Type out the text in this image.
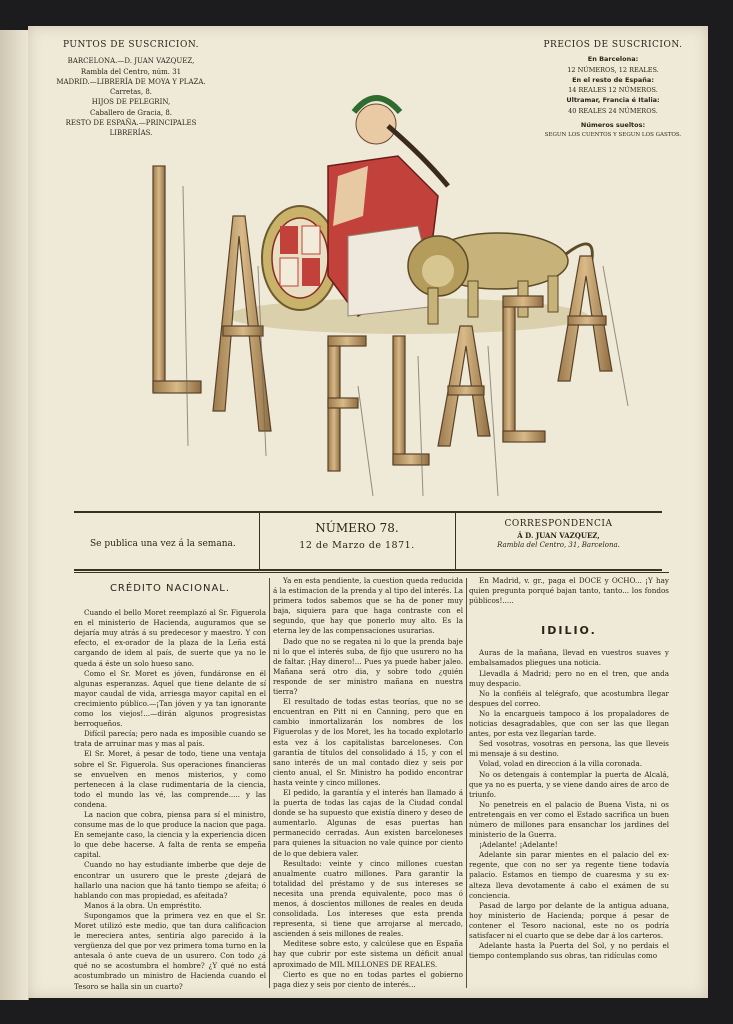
PUNTOS DE SUSCRICION.
BARCELONA.—D. JUAN VAZQUEZ,
Rambla del Centro, núm. 31
MADRID.—LIBRERÍA DE MOYA Y PLAZA.
Carretas, 8.
HIJOS DE PELEGRIN,
Caballero de Gracia, 8.
RESTO DE ESPAÑA.—PRINCIPALES
LIBRERÍAS.
PRECIOS DE SUSCRICION.
En Barcelona:
12 NÚMEROS, 12 REALES.
En el resto de España:
14 REALES 12 NÚMEROS.
Ultramar, Francia é Italia:
40 REALES 24 NÚMEROS.
Números sueltos:
SEGUN LOS CUENTOS Y SEGUN LOS GASTOS.
LA FLACA
Se publica una vez á la semana.
NÚMERO 78.
12 de Marzo de 1871.
CORRESPONDENCIA
Á D. JUAN VAZQUEZ,
Rambla del Centro, 31, Barcelona.
CRÉDITO NACIONAL.

Cuando el bello Moret reemplazó al Sr. Figuerola en el ministerio de Hacienda, auguramos que se dejaría muy atrás á su predecesor y maestro. Y con efecto, el ex-orador de la plaza de la Leña está cargando de idem al país, de suerte que ya no le queda á éste un solo hueso sano.

Como el Sr. Moret es jóven, fundáronse en él algunas esperanzas. Aquel que tiene delante de sí mayor caudal de vida, arriesga mayor capital en el crecimiento público.—¡Tan jóven y ya tan ignorante como los viejos!...—dirán algunos progresistas berroqueños.

Difícil parecía; pero nada es imposible cuando se trata de arruinar mas y mas al país.

El Sr. Moret, á pesar de todo, tiene una ventaja sobre el Sr. Figuerola. Sus operaciones financieras se envuelven en menos misterios, y como pertenecen á la clase rudimentaria de la ciencia, todo el mundo las vé, las comprende..... y las condena.

La nacion que cobra, piensa para sí el ministro, consume mas de lo que produce la nacion que paga. En semejante caso, la ciencia y la experiencia dicen lo que debe hacerse. A falta de renta se empeña capital.

Cuando no hay estudiante imberbe que deje de encontrar un usurero que le preste ¿dejará de hallarlo una nacion que há tanto tiempo se afeita; ó hablando con mas propiedad, es afeitada?

Manos á la obra. Un empréstito.

Supongamos que la primera vez en que el Sr. Moret utilizó este medio, que tan dura calificacion le mereciera antes, sentiría algo parecido á la vergüenza del que por vez primera toma turno en la antesala ó ante cueva de un usurero. Con todo ¿á qué no se acostumbra el hombre? ¿Y qué no está acostumbrado un ministro de Hacienda cuando el Tesoro se halla sin un cuarto?

Ya en esta pendiente, la cuestion queda reducida á la estimacion de la prenda y al tipo del interés. La primera todos sabemos que se ha de poner muy baja, siquiera para que haga contraste con el segundo, que hay que ponerlo muy alto. Es la eterna ley de las compensaciones usurarias.

Dado que no se regatea ni lo que la prenda baje ni lo que el interés suba, de fijo que usurero no ha de faltar. ¡Hay dinero!... Pues ya puede haber jaleo. Mañana será otro dia, y sobre todo ¿quién responde de ser ministro mañana en nuestra tierra?

El resultado de todas estas teorías, que no se encuentran en Pitt ni en Canning, pero que en cambio inmortalizarán los nombres de los Figuerolas y de los Moret, les ha tocado explotarlo esta vez á los capitalistas barceloneses. Con garantía de títulos del consolidado á 15, y con el sano interés de un mal contado diez y seis por ciento anual, el Sr. Ministro ha podido encontrar hasta veinte y cinco millones.

El pedido, la garantía y el interés han llamado á la puerta de todas las cajas de la Ciudad condal donde se ha supuesto que existía dinero y deseo de aumentarlo. Algunas de esas puertas han permanecido cerradas. Aun existen barceloneses para quienes la situacion no vale quince por ciento de lo que debiera valer.

Resultado: veinte y cinco millones cuestan anualmente cuatro millones. Para garantir la totalidad del préstamo y de sus intereses se necesita una prenda equivalente, poco mas ó menos, á doscientos millones de reales en deuda consolidada. Los intereses que esta prenda representa, si tiene que arrojarse al mercado, ascienden á seis millones de reales.

Meditese sobre esto, y calcúlese que en España hay que cubrir por este sistema un déficit anual aproximado de MIL MILLONES DE REALES.

Cierto es que no en todas partes el gobierno paga diez y seis por ciento de interés...

En Madrid, v. gr., paga el DOCE y OCHO... ¡Y hay quien pregunta porqué bajan tanto, tanto... los fondos públicos!.....

IDILIO.

Auras de la mañana, llevad en vuestros suaves y embalsamados pliegues una noticia.

Llevadla á Madrid; pero no en el tren, que anda muy despacio.

No la confiéis al telégrafo, que acostumbra llegar despues del correo.

No la encargueis tampoco á los propaladores de noticias desagradables, que con ser las que llegan antes, por esta vez llegarían tarde.

Sed vosotras, vosotras en persona, las que lleveis mi mensaje á su destino.

Volad, volad en direccion á la villa coronada.

No os detengais á contemplar la puerta de Alcalá, que ya no es puerta, y se viene dando aires de arco de triunfo.

No penetreis en el palacio de Buena Vista, ni os entretengais en ver como el Estado sacrifica un buen número de millones para ensanchar los jardines del ministerio de la Guerra.

¡Adelante! ¡Adelante!

Adelante sin parar mientes en el palacio del ex-regente, que con no ser ya regente tiene todavía palacio. Estamos en tiempo de cuaresma y su ex-alteza lleva devotamente á cabo el exámen de su conciencia.

Pasad de largo por delante de la antigua aduana, hoy ministerio de Hacienda; porque á pesar de contener el Tesoro nacional, este no os podría satisfacer ni el cuarto que se debe dar á los carteros.

Adelante hasta la Puerta del Sol, y no perdais el tiempo contemplando sus obras, tan ridículas como
